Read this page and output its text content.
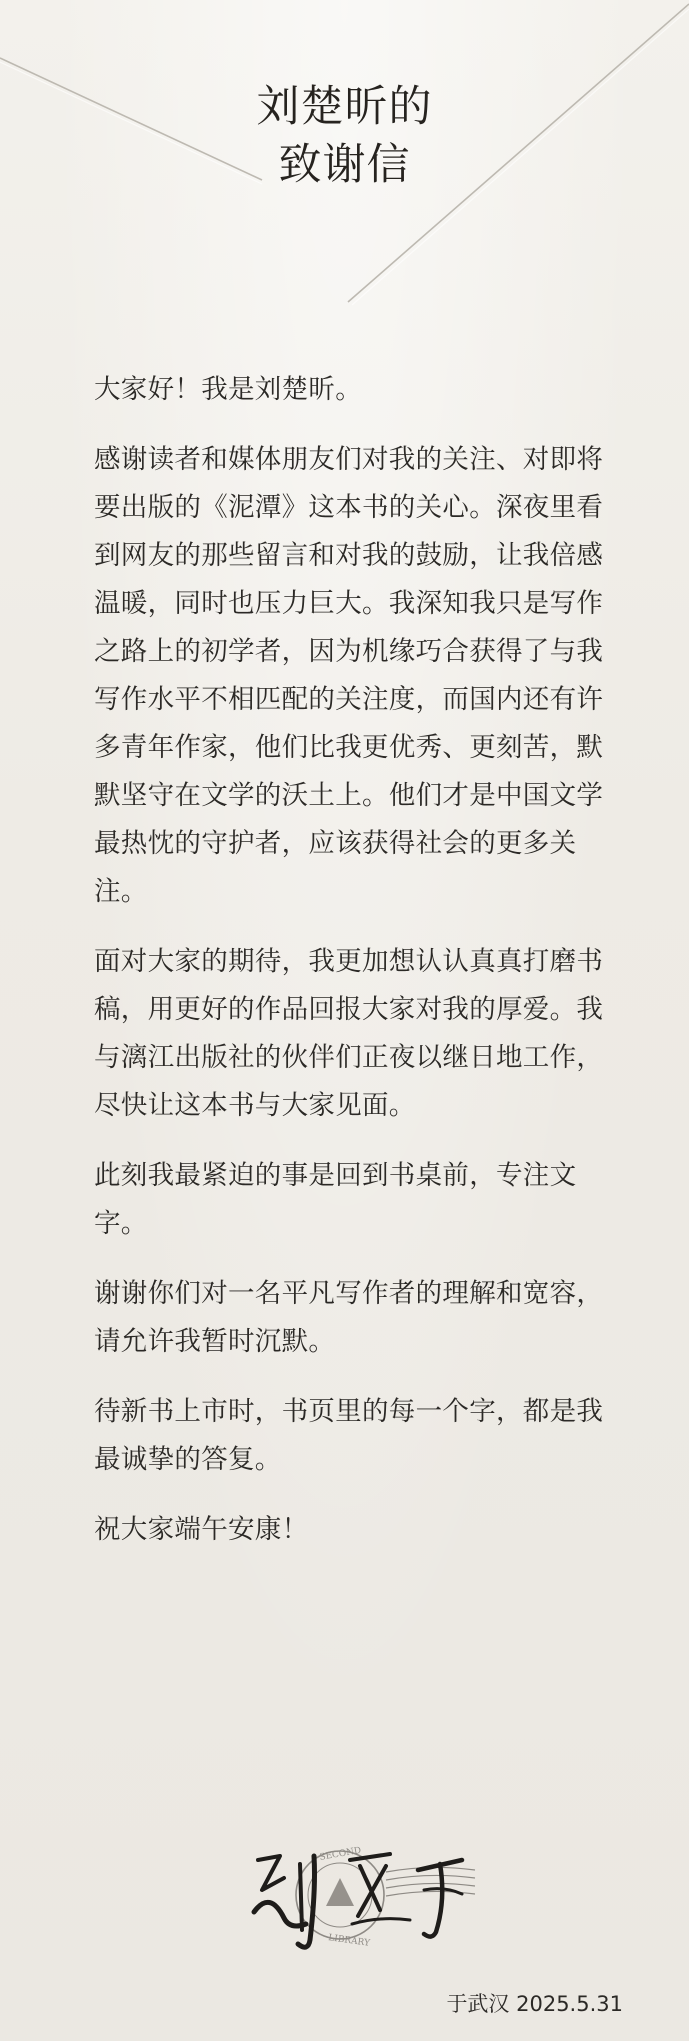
刘楚昕的
致谢信

大家好！我是刘楚昕。

感谢读者和媒体朋友们对我的关注、对即将要出版的《泥潭》这本书的关心。深夜里看到网友的那些留言和对我的鼓励，让我倍感温暖，同时也压力巨大。我深知我只是写作之路上的初学者，因为机缘巧合获得了与我写作水平不相匹配的关注度，而国内还有许多青年作家，他们比我更优秀、更刻苦，默默坚守在文学的沃土上。他们才是中国文学最热忱的守护者，应该获得社会的更多关注。

面对大家的期待，我更加想认认真真打磨书稿，用更好的作品回报大家对我的厚爱。我与漓江出版社的伙伴们正夜以继日地工作，尽快让这本书与大家见面。

此刻我最紧迫的事是回到书桌前，专注文字。

谢谢你们对一名平凡写作者的理解和宽容，请允许我暂时沉默。

待新书上市时，书页里的每一个字，都是我最诚挚的答复。

祝大家端午安康！

SECOND
LIBRARY
于武汉 2025.5.31
